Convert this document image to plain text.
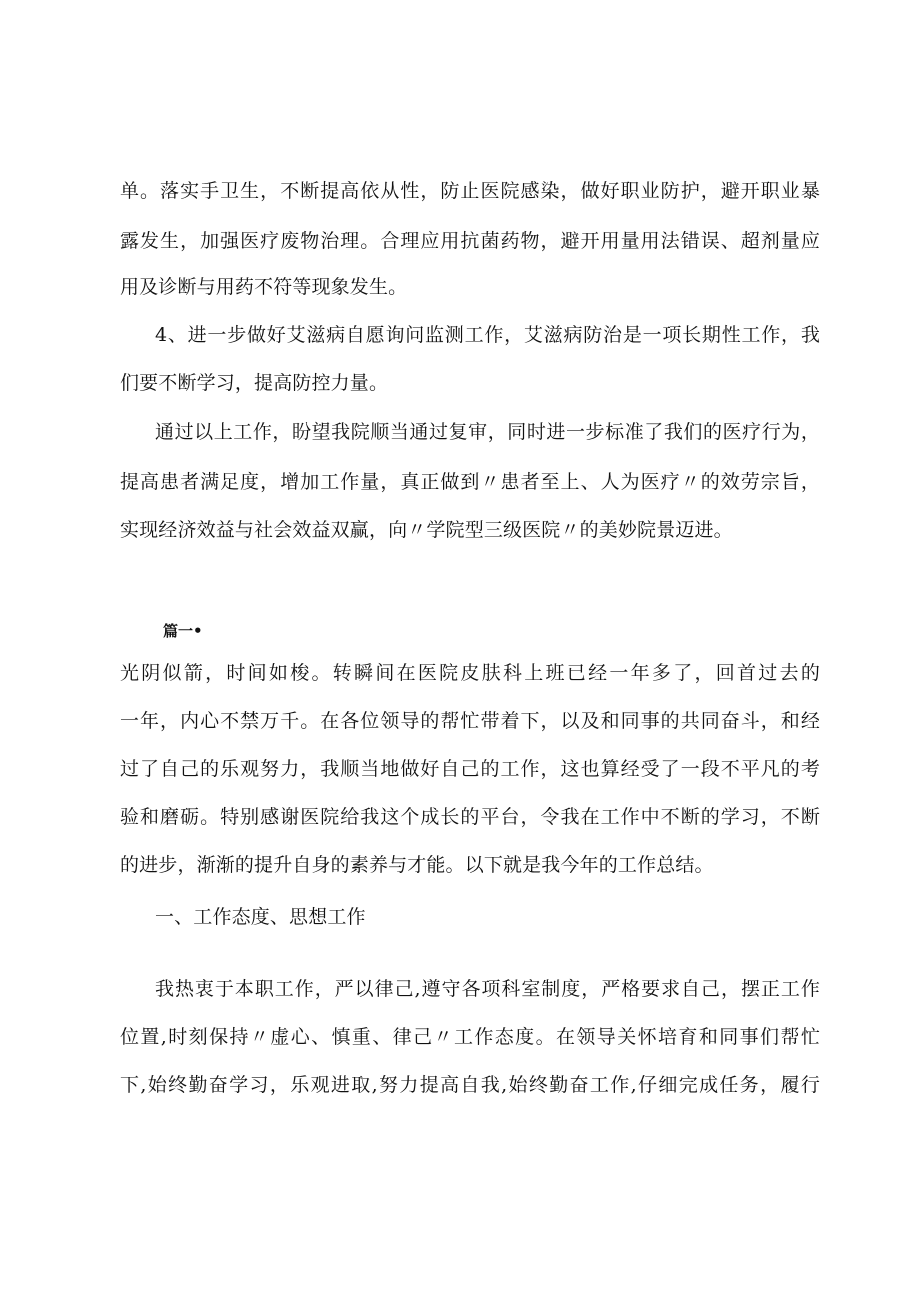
单。落实手卫生，不断提高依从性，防止医院感染，做好职业防护，避开职业暴
露发生，加强医疗废物治理。合理应用抗菌药物，避开用量用法错误、超剂量应
用及诊断与用药不符等现象发生。
4、进一步做好艾滋病自愿询问监测工作，艾滋病防治是一项长期性工作，我
们要不断学习，提高防控力量。
通过以上工作，盼望我院顺当通过复审，同时进一步标准了我们的医疗行为，
提高患者满足度，增加工作量，真正做到〃患者至上、人为医疗〃的效劳宗旨，
实现经济效益与社会效益双赢，向〃学院型三级医院〃的美妙院景迈进。
篇一•
光阴似箭，时间如梭。转瞬间在医院皮肤科上班已经一年多了，回首过去的
一年，内心不禁万千。在各位领导的帮忙带着下，以及和同事的共同奋斗，和经
过了自己的乐观努力，我顺当地做好自己的工作，这也算经受了一段不平凡的考
验和磨砺。特别感谢医院给我这个成长的平台，令我在工作中不断的学习，不断
的进步，渐渐的提升自身的素养与才能。以下就是我今年的工作总结。
一、工作态度、思想工作
我热衷于本职工作，严以律己,遵守各项科室制度，严格要求自己，摆正工作
位置,时刻保持〃虚心、慎重、律己〃工作态度。在领导关怀培育和同事们帮忙
下,始终勤奋学习，乐观进取,努力提高自我,始终勤奋工作,仔细完成任务，履行
